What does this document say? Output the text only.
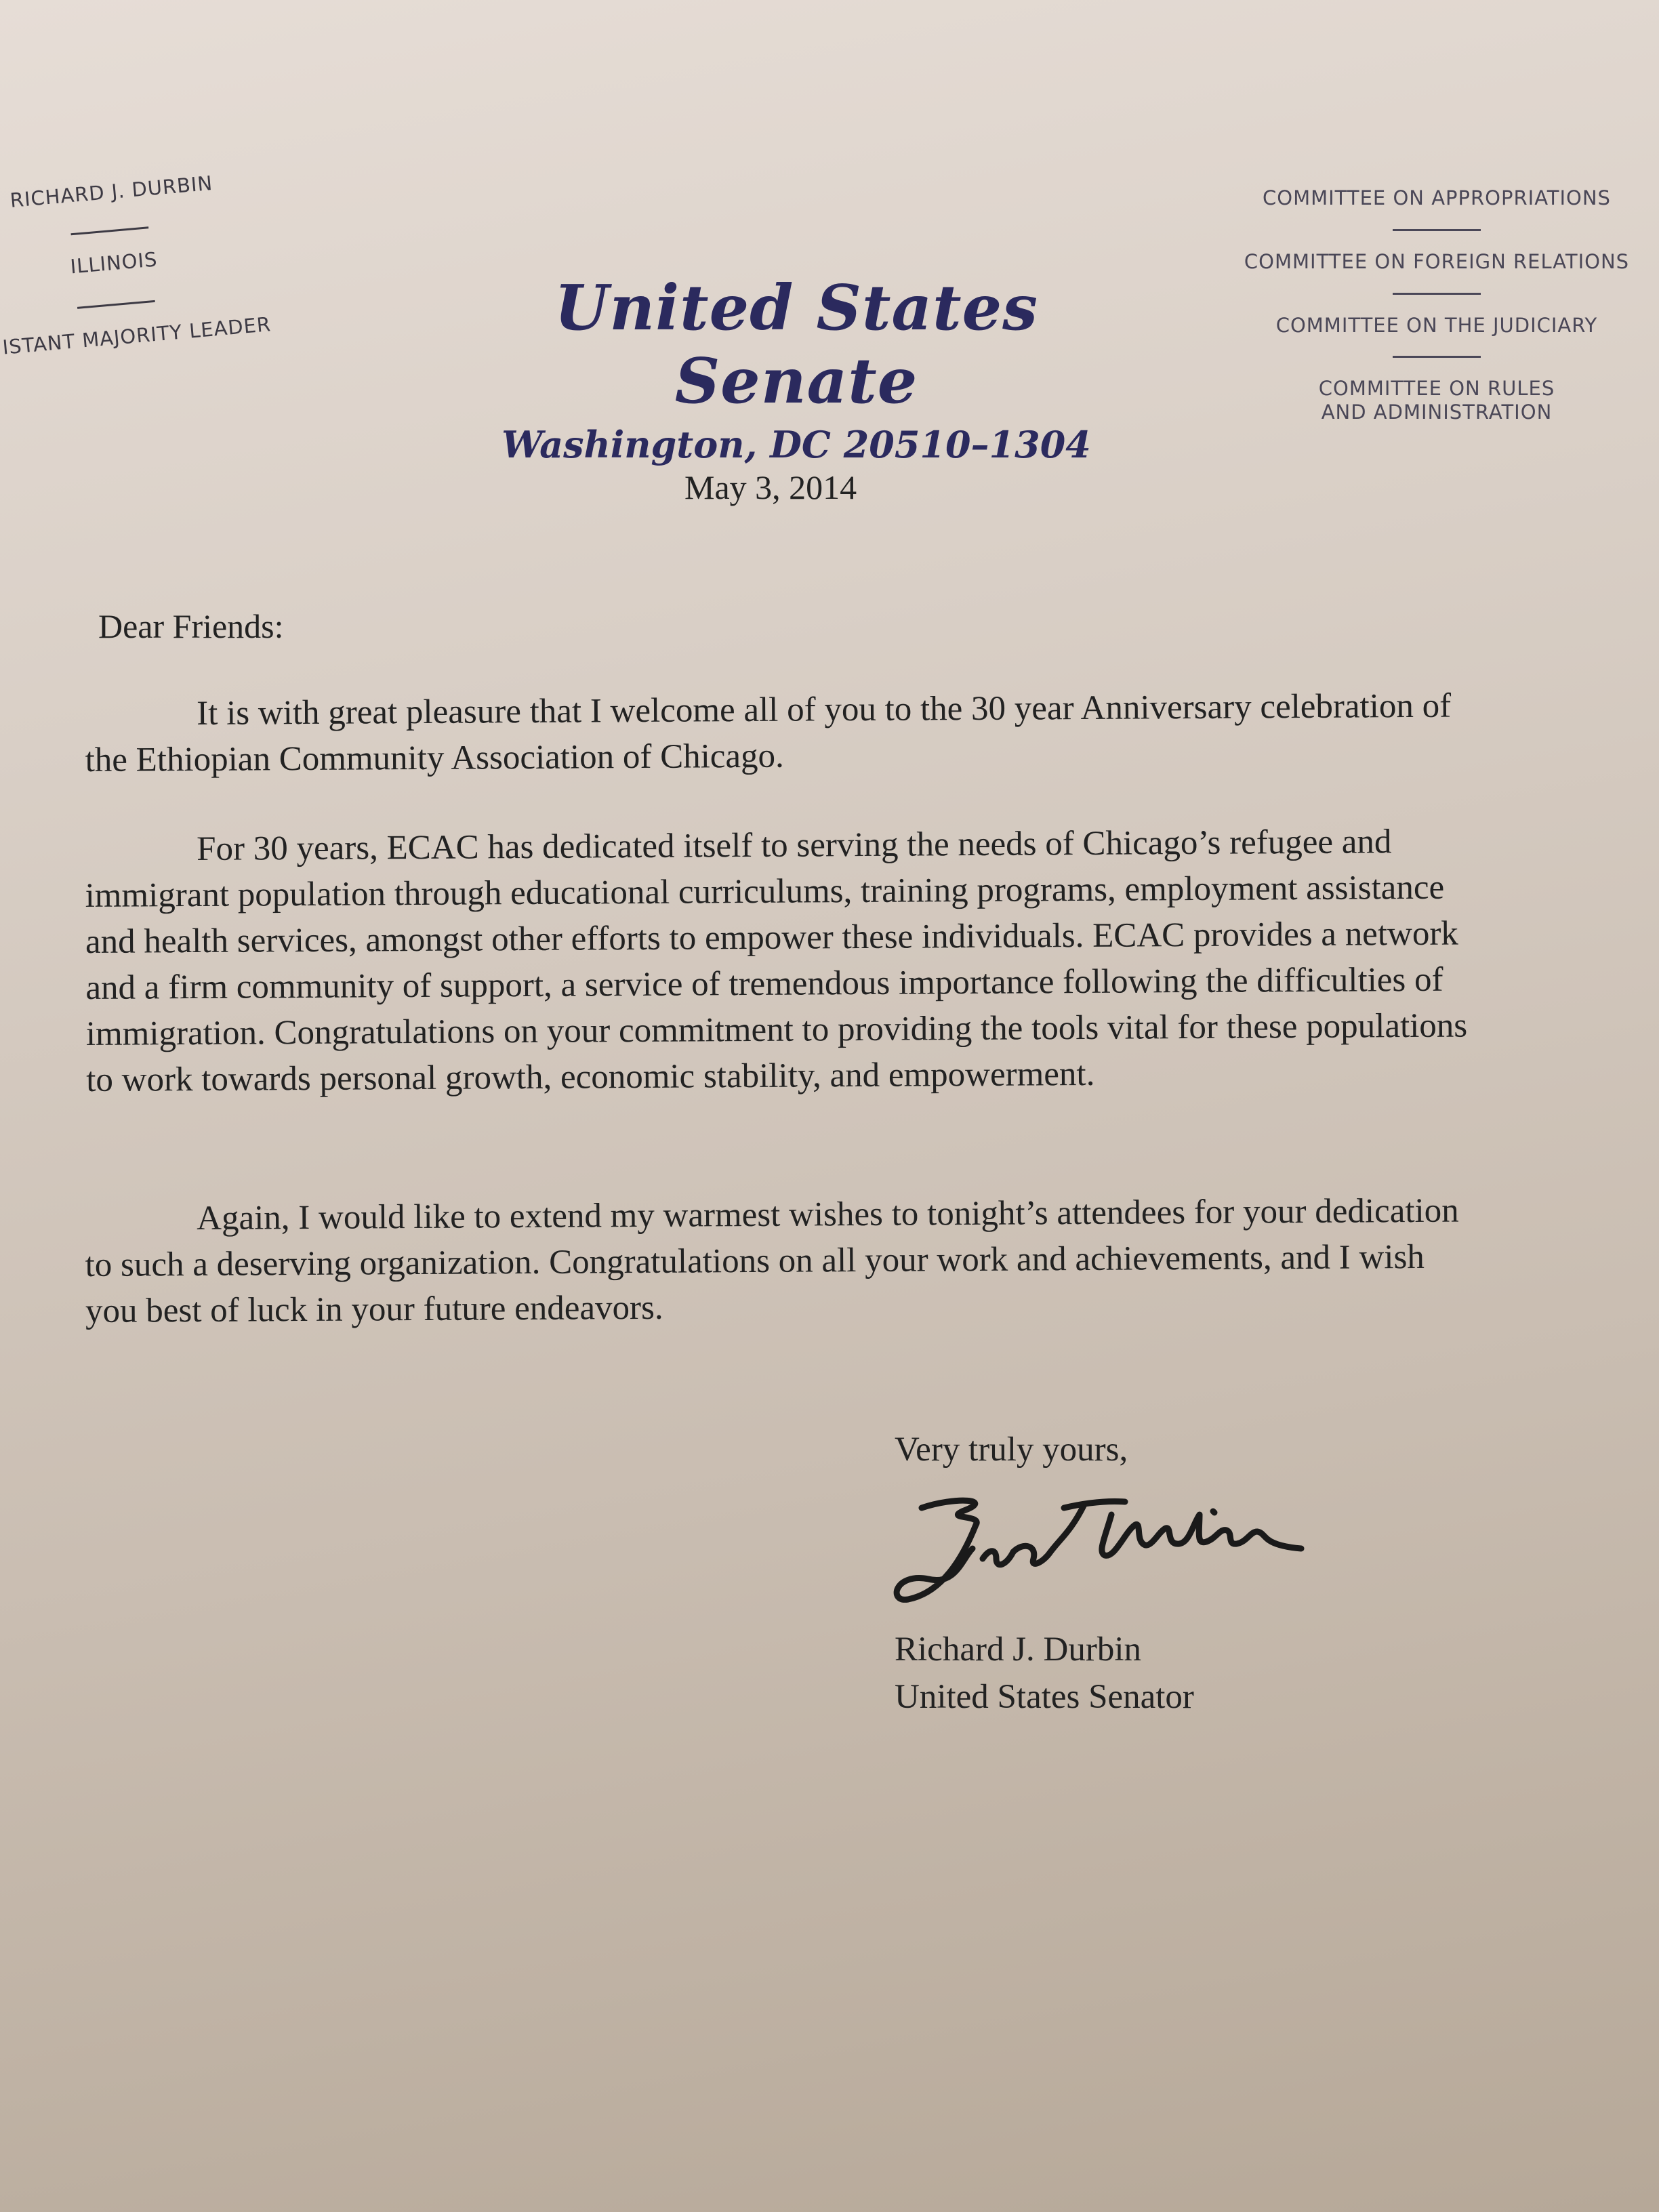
RICHARD J. DURBIN
ILLINOIS
ISTANT MAJORITY LEADER	United States Senate
Washington, DC 20510–1304
COMMITTEE ON APPROPRIATIONS
COMMITTEE ON FOREIGN RELATIONS
COMMITTEE ON THE JUDICIARY
COMMITTEE ON RULES
AND ADMINISTRATION
May 3, 2014
Dear Friends:

It is with great pleasure that I welcome all of you to the 30 year Anniversary celebration of the Ethiopian Community Association of Chicago.

For 30 years, ECAC has dedicated itself to serving the needs of Chicago’s refugee and immigrant population through educational curriculums, training programs, employment assistance and health services, amongst other efforts to empower these individuals. ECAC provides a network and a firm community of support, a service of tremendous importance following the difficulties of immigration. Congratulations on your commitment to providing the tools vital for these populations to work towards personal growth, economic stability, and empowerment.

Again, I would like to extend my warmest wishes to tonight’s attendees for your dedication to such a deserving organization. Congratulations on all your work and achievements, and I wish you best of luck in your future endeavors.

Very truly yours,
Richard J. Durbin
United States Senator
